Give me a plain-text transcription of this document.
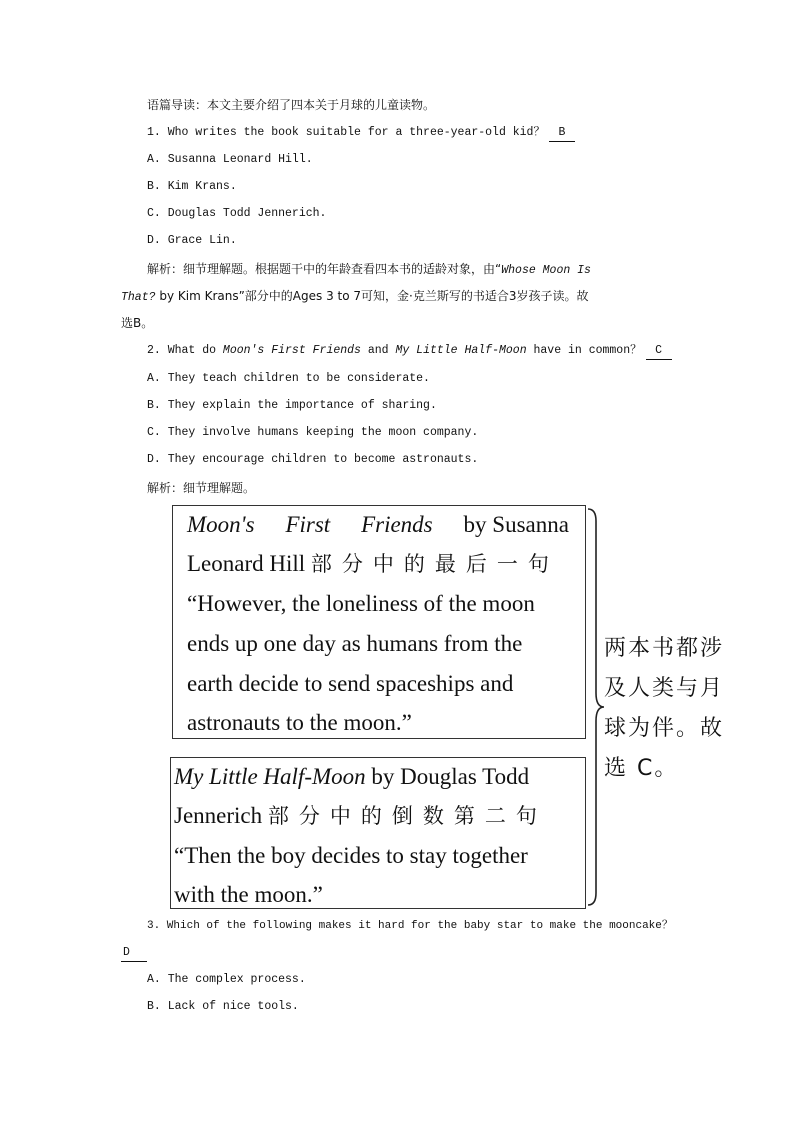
语篇导读：本文主要介绍了四本关于月球的儿童读物。
1. Who writes the book suitable for a three-year-old kid？ B
A. Susanna Leonard Hill.
B. Kim Krans.
C. Douglas Todd Jennerich.
D. Grace Lin.
解析：细节理解题。根据题干中的年龄查看四本书的适龄对象，由“Whose Moon Is
That? by Kim Krans”部分中的Ages 3 to 7可知，金·克兰斯写的书适合3岁孩子读。故
选B。
2. What do Moon's First Friends and My Little Half-Moon have in common？ C
A. They teach children to be considerate.
B. They explain the importance of sharing.
C. They involve humans keeping the moon company.
D. They encourage children to become astronauts.
解析：细节理解题。
Moon's First Friends by Susanna
Leonard Hill 部分中的最后一句
“However, the loneliness of the moon
ends up one day as humans from the
earth decide to send spaceships and
astronauts to the moon.”
My Little Half-Moon by Douglas Todd
Jennerich 部分中的倒数第二句
“Then the boy decides to stay together
with the moon.”
两本书都涉
及人类与月
球为伴。故
选 C。
3. Which of the following makes it hard for the baby star to make the mooncake？
D
A. The complex process.
B. Lack of nice tools.
